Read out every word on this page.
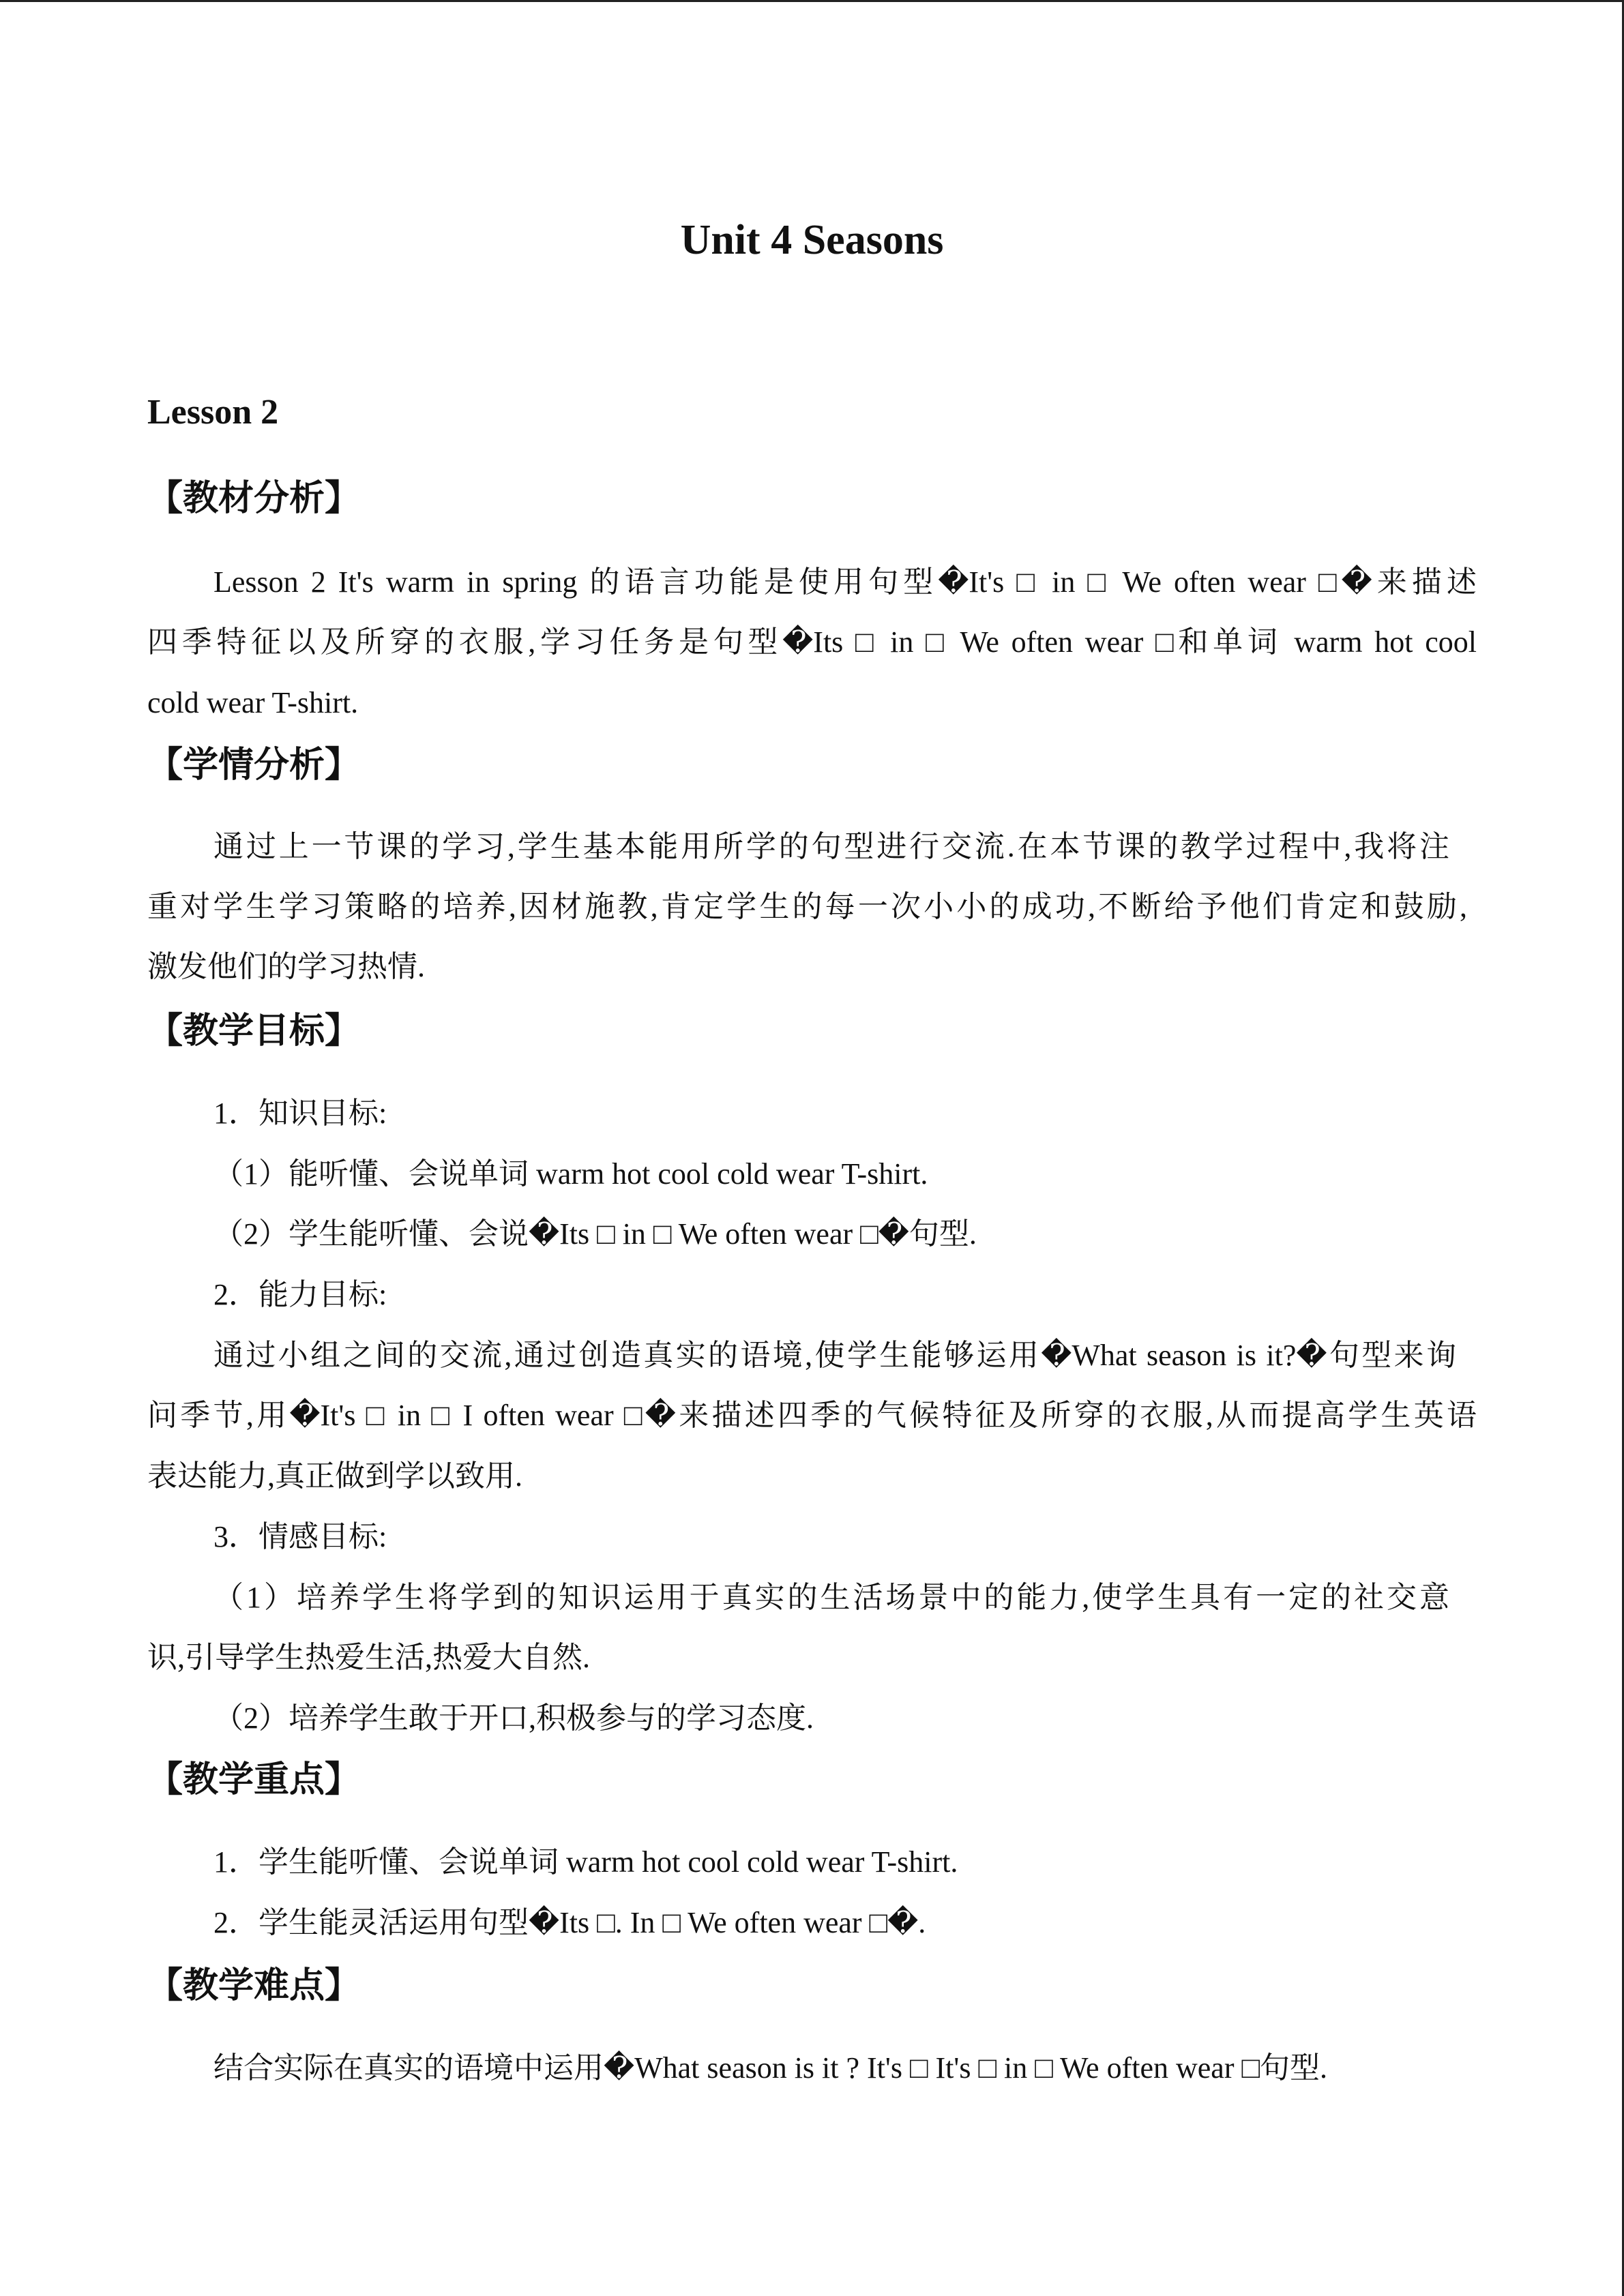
Unit 4 Seasons
Lesson 2
【教材分析】
Lesson 2 It's warm in spring 的语言功能是使用句型�It's □ in □ We often wear □�来描述
四季特征以及所穿的衣服,学习任务是句型�Its □ in □ We often wear □和单词 warm hot cool
cold wear T-shirt.
【学情分析】
通过上一节课的学习,学生基本能用所学的句型进行交流.在本节课的教学过程中,我将注
重对学生学习策略的培养,因材施教,肯定学生的每一次小小的成功,不断给予他们肯定和鼓励,
激发他们的学习热情.
【教学目标】
1．知识目标:
（1）能听懂、会说单词 warm hot cool cold wear T-shirt.
（2）学生能听懂、会说�Its □ in □ We often wear □�句型.
2．能力目标:
通过小组之间的交流,通过创造真实的语境,使学生能够运用�What season is it?�句型来询
问季节,用�It's □ in □ I often wear □�来描述四季的气候特征及所穿的衣服,从而提高学生英语
表达能力,真正做到学以致用.
3．情感目标:
（1）培养学生将学到的知识运用于真实的生活场景中的能力,使学生具有一定的社交意
识,引导学生热爱生活,热爱大自然.
（2）培养学生敢于开口,积极参与的学习态度.
【教学重点】
1．学生能听懂、会说单词 warm hot cool cold wear T-shirt.
2．学生能灵活运用句型�Its □. In □ We often wear □�.
【教学难点】
结合实际在真实的语境中运用�What season is it ? It's □ It's □ in □ We often wear □句型.
